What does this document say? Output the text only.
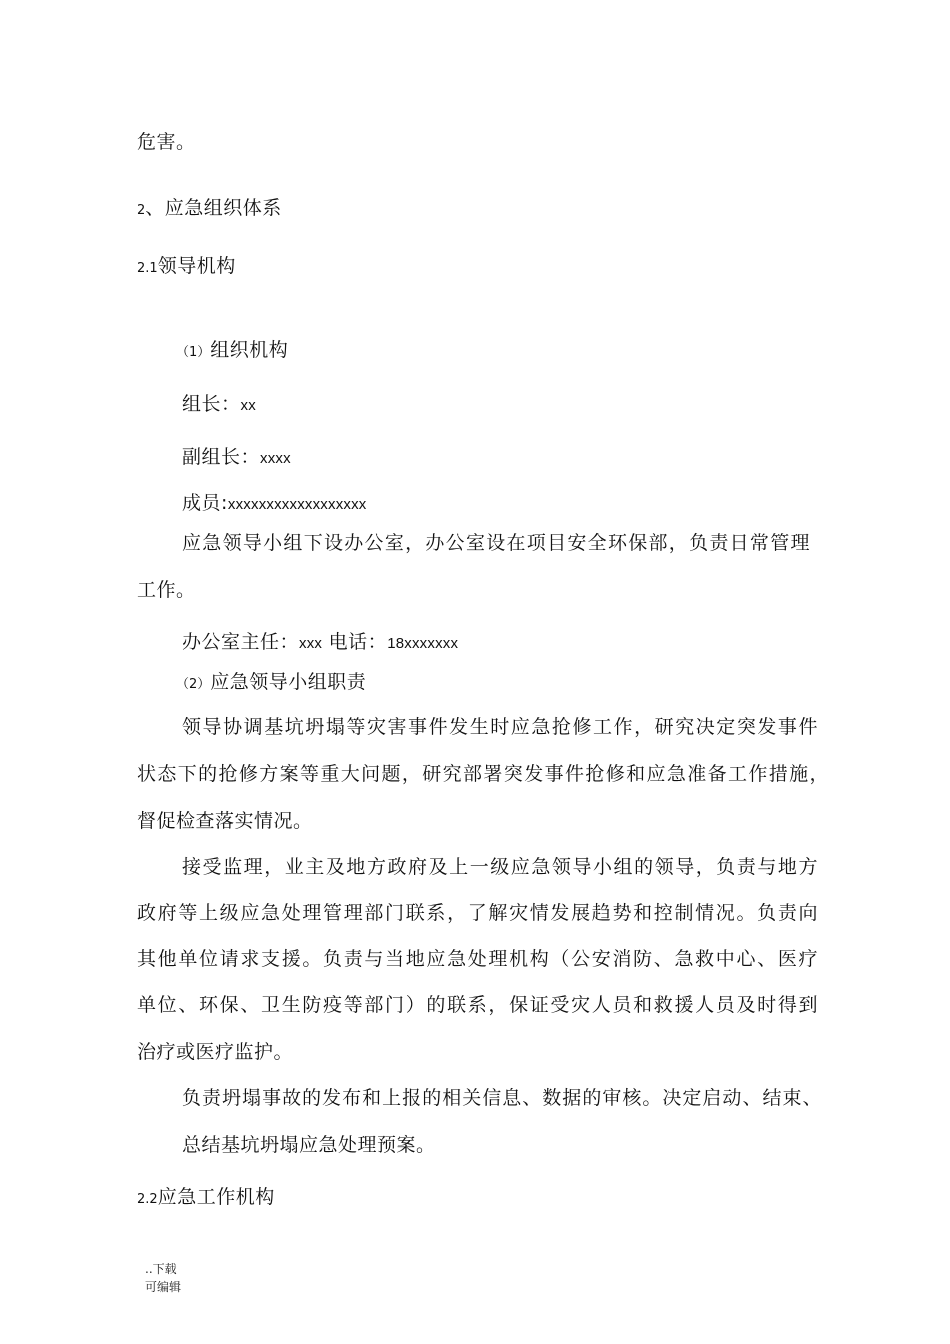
危害。
2、应急组织体系
2.1领导机构
（1）组织机构
组长：xx
副组长：xxxx
成员:xxxxxxxxxxxxxxxxxx
应急领导小组下设办公室，办公室设在项目安全环保部，负责日常管理
工作。
办公室主任：xxx 电话：18xxxxxxx
（2）应急领导小组职责
领导协调基坑坍塌等灾害事件发生时应急抢修工作，研究决定突发事件
状态下的抢修方案等重大问题，研究部署突发事件抢修和应急准备工作措施，
督促检查落实情况。
接受监理，业主及地方政府及上一级应急领导小组的领导，负责与地方
政府等上级应急处理管理部门联系，了解灾情发展趋势和控制情况。负责向
其他单位请求支援。负责与当地应急处理机构（公安消防、急救中心、医疗
单位、环保、卫生防疫等部门）的联系，保证受灾人员和救援人员及时得到
治疗或医疗监护。
负责坍塌事故的发布和上报的相关信息、数据的审核。决定启动、结束、
总结基坑坍塌应急处理预案。
2.2应急工作机构
..下载
可编辑
